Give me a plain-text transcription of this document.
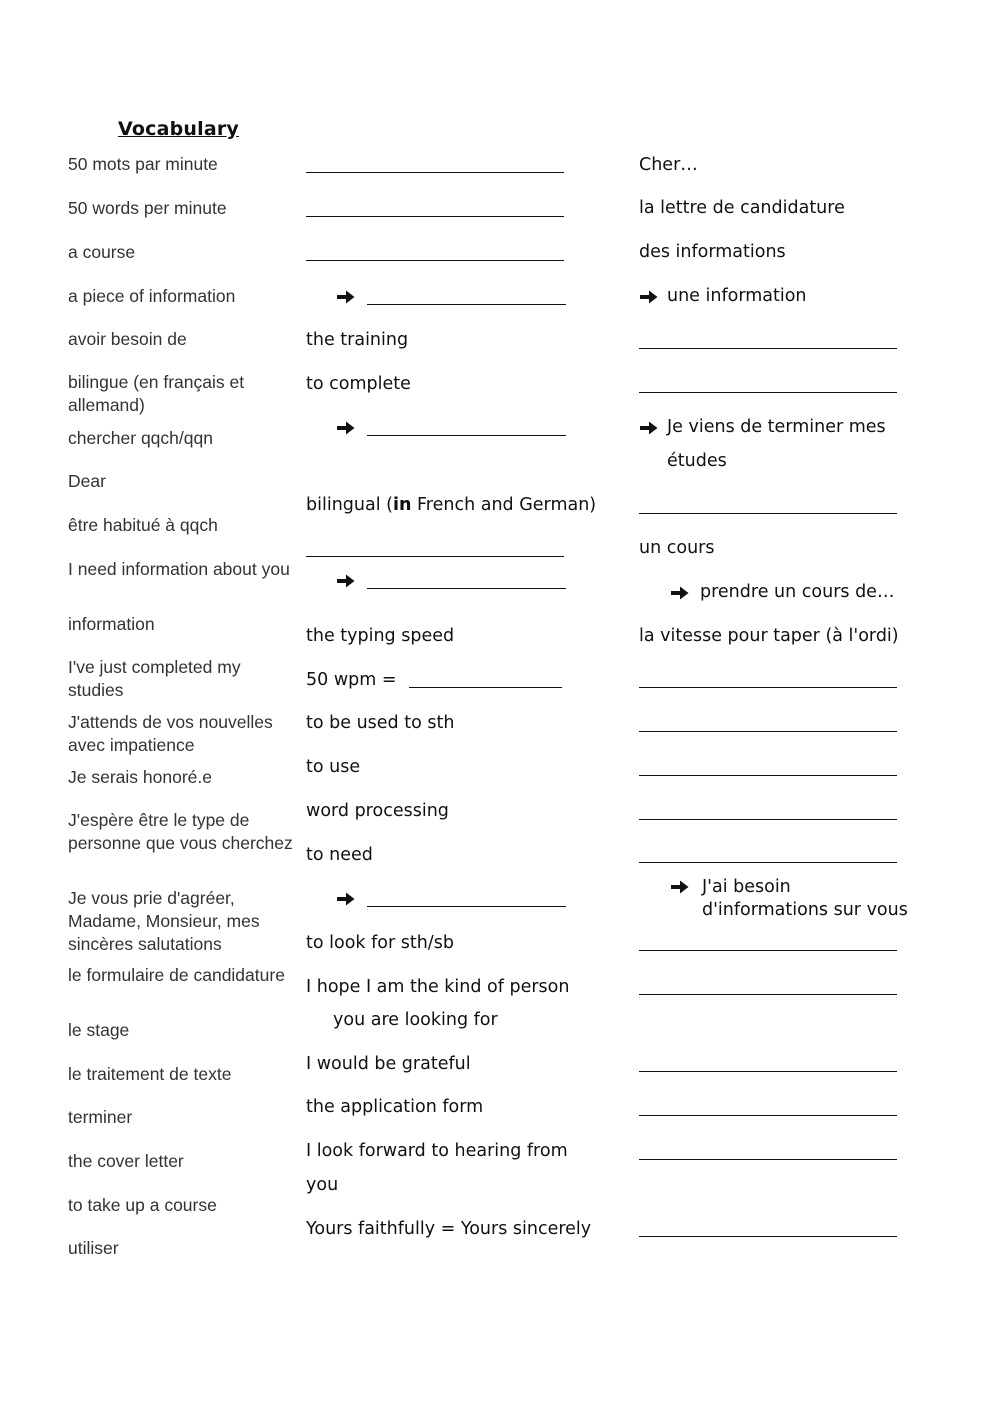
Vocabulary
50 mots par minute
50 words per minute
a course
a piece of information
avoir besoin de
bilingue (en français et allemand)
chercher qqch/qqn
Dear
être habitué à qqch
I need information about you
information
I've just completed my studies
J'attends de vos nouvelles avec impatience
Je serais honoré.e
J'espère être le type de personne que vous cherchez
Je vous prie d'agréer, Madame, Monsieur, mes sincères salutations
le formulaire de candidature
le stage
le traitement de texte
terminer
the cover letter
to take up a course
utiliser
the training
to complete
bilingual (in French and German)
the typing speed
50 wpm =
to be used to sth
to use
word processing
to need
to look for sth/sb
I hope I am the kind of person
you are looking for
I would be grateful
the application form
I look forward to hearing from
you
Yours faithfully = Yours sincerely
Cher…
la lettre de candidature
des informations
une information
Je viens de terminer mes
études
un cours
prendre un cours de…
la vitesse pour taper (à l'ordi)
J'ai besoin
d'informations sur vous
